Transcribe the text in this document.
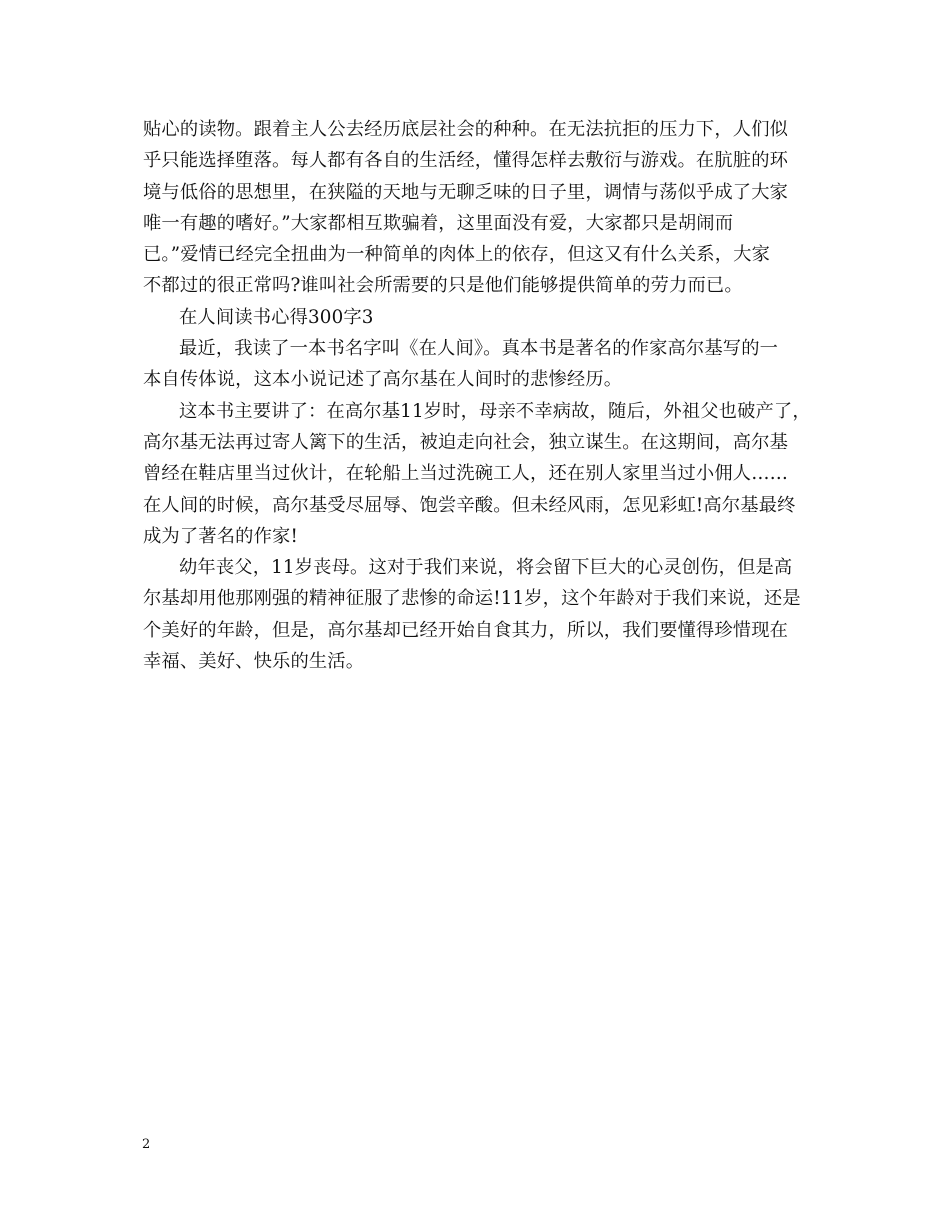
贴心的读物。跟着主人公去经历底层社会的种种。在无法抗拒的压力下，人们似
乎只能选择堕落。每人都有各自的生活经，懂得怎样去敷衍与游戏。在肮脏的环
境与低俗的思想里，在狭隘的天地与无聊乏味的日子里，调情与荡似乎成了大家
唯一有趣的嗜好。”大家都相互欺骗着，这里面没有爱，大家都只是胡闹而
已。”爱情已经完全扭曲为一种简单的肉体上的依存，但这又有什么关系，大家
不都过的很正常吗?谁叫社会所需要的只是他们能够提供简单的劳力而已。
在人间读书心得300字3
最近，我读了一本书名字叫《在人间》。真本书是著名的作家高尔基写的一
本自传体说，这本小说记述了高尔基在人间时的悲惨经历。
这本书主要讲了：在高尔基11岁时，母亲不幸病故，随后，外祖父也破产了，
高尔基无法再过寄人篱下的生活，被迫走向社会，独立谋生。在这期间，高尔基
曾经在鞋店里当过伙计，在轮船上当过洗碗工人，还在别人家里当过小佣人……
在人间的时候，高尔基受尽屈辱、饱尝辛酸。但未经风雨，怎见彩虹!高尔基最终
成为了著名的作家!
幼年丧父，11岁丧母。这对于我们来说，将会留下巨大的心灵创伤，但是高
尔基却用他那刚强的精神征服了悲惨的命运!11岁，这个年龄对于我们来说，还是
个美好的年龄，但是，高尔基却已经开始自食其力，所以，我们要懂得珍惜现在
幸福、美好、快乐的生活。
2
